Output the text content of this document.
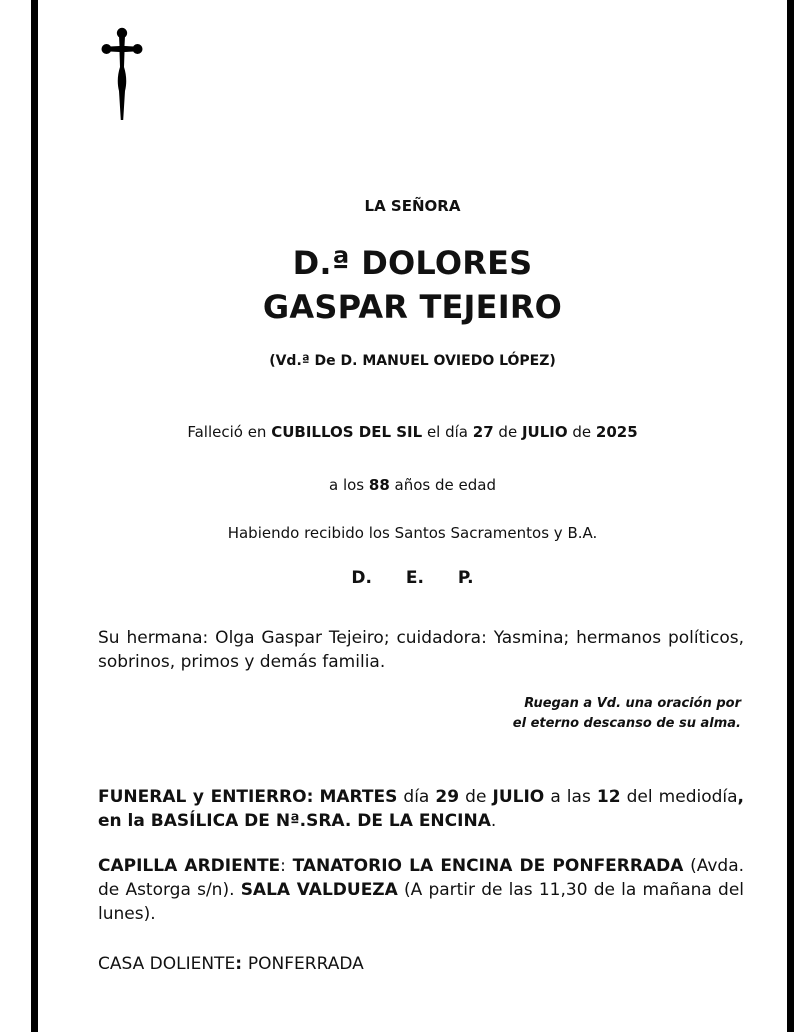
LA SEÑORA
D.ª DOLORES
GASPAR TEJEIRO
(Vd.ª De D. MANUEL OVIEDO LÓPEZ)
Falleció en CUBILLOS DEL SIL el día 27 de JULIO de 2025
a los 88 años de edad
Habiendo recibido los Santos Sacramentos y B.A.
D. E. P.
Su hermana: Olga Gaspar Tejeiro; cuidadora: Yasmina; hermanos políticos, sobrinos, primos y demás familia.
Ruegan a Vd. una oración por
el eterno descanso de su alma.
FUNERAL y ENTIERRO: MARTES día 29 de JULIO a las 12 del mediodía, en la BASÍLICA DE Nª.SRA. DE LA ENCINA.
CAPILLA ARDIENTE: TANATORIO LA ENCINA DE PONFERRADA (Avda. de Astorga s/n). SALA VALDUEZA (A partir de las 11,30 de la mañana del lunes).
CASA DOLIENTE: PONFERRADA
